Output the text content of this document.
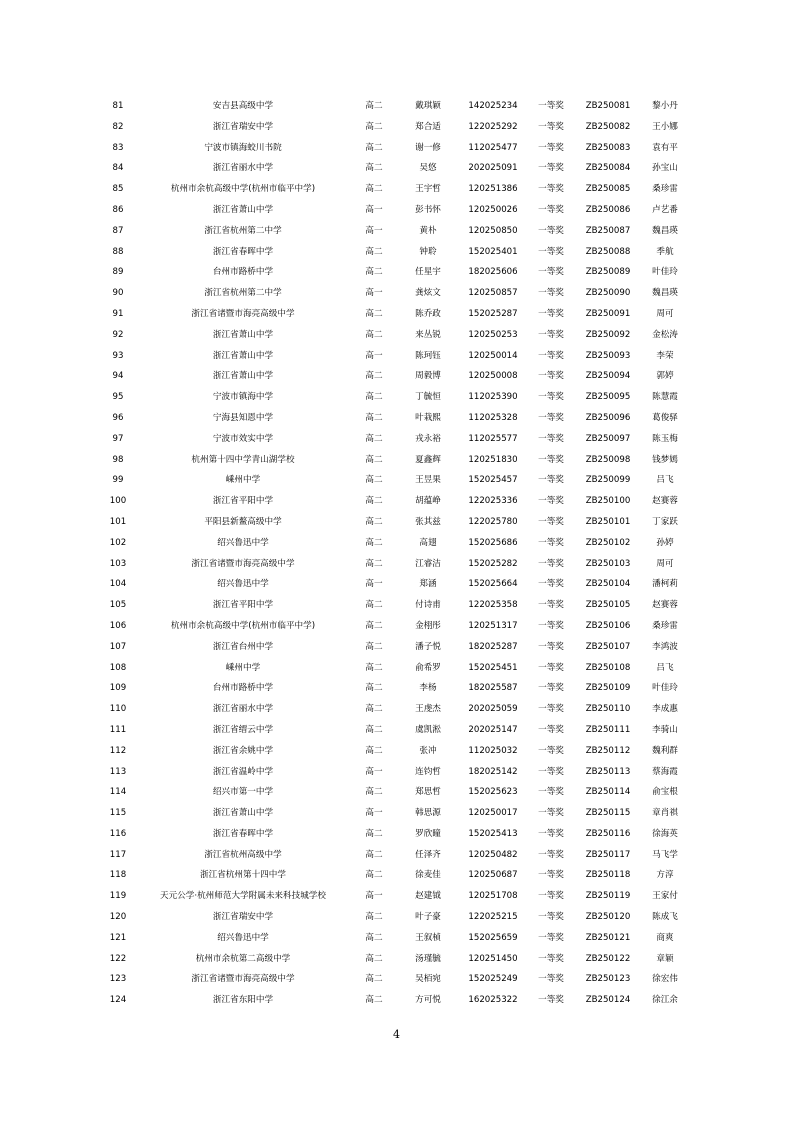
81	安吉县高级中学	高二	戴琪颖	142025234	一等奖	ZB250081	黎小丹
82	浙江省瑞安中学	高二	郑合适	122025292	一等奖	ZB250082	王小娜
83	宁波市镇海蛟川书院	高二	谢一修	112025477	一等奖	ZB250083	袁有平
84	浙江省丽水中学	高二	吴悠	202025091	一等奖	ZB250084	孙宝山
85	杭州市余杭高级中学(杭州市临平中学)	高二	王宇哲	120251386	一等奖	ZB250085	桑珍雷
86	浙江省萧山中学	高一	彭书怀	120250026	一等奖	ZB250086	卢艺番
87	浙江省杭州第二中学	高一	黄朴	120250850	一等奖	ZB250087	魏昌瑛
88	浙江省春晖中学	高二	钟聆	152025401	一等奖	ZB250088	季航
89	台州市路桥中学	高二	任星宇	182025606	一等奖	ZB250089	叶佳玲
90	浙江省杭州第二中学	高一	龚炫文	120250857	一等奖	ZB250090	魏昌瑛
91	浙江省诸暨市海亮高级中学	高二	陈乔政	152025287	一等奖	ZB250091	周可
92	浙江省萧山中学	高二	来丛锐	120250253	一等奖	ZB250092	金松涛
93	浙江省萧山中学	高一	陈珂钰	120250014	一等奖	ZB250093	李荣
94	浙江省萧山中学	高二	周毅博	120250008	一等奖	ZB250094	郭婷
95	宁波市镇海中学	高二	丁毓恒	112025390	一等奖	ZB250095	陈慧霞
96	宁海县知恩中学	高二	叶栽熙	112025328	一等奖	ZB250096	葛俊驿
97	宁波市效实中学	高二	戎永裕	112025577	一等奖	ZB250097	陈玉梅
98	杭州第十四中学青山湖学校	高二	夏鑫辉	120251830	一等奖	ZB250098	钱梦嫣
99	嵊州中学	高二	王昱果	152025457	一等奖	ZB250099	吕飞
100	浙江省平阳中学	高二	胡蕴峥	122025336	一等奖	ZB250100	赵赛蓉
101	平阳县新鳌高级中学	高二	张其兹	122025780	一等奖	ZB250101	丁家跃
102	绍兴鲁迅中学	高二	高翅	152025686	一等奖	ZB250102	孙婷
103	浙江省诸暨市海亮高级中学	高二	江睿洁	152025282	一等奖	ZB250103	周可
104	绍兴鲁迅中学	高一	郑涵	152025664	一等奖	ZB250104	潘柯莉
105	浙江省平阳中学	高二	付诗甫	122025358	一等奖	ZB250105	赵赛蓉
106	杭州市余杭高级中学(杭州市临平中学)	高二	金栩彤	120251317	一等奖	ZB250106	桑珍雷
107	浙江省台州中学	高二	潘子悦	182025287	一等奖	ZB250107	李鸿波
108	嵊州中学	高二	俞希罗	152025451	一等奖	ZB250108	吕飞
109	台州市路桥中学	高二	李杨	182025587	一等奖	ZB250109	叶佳玲
110	浙江省丽水中学	高二	王虔杰	202025059	一等奖	ZB250110	李成惠
111	浙江省缙云中学	高二	虞凯淞	202025147	一等奖	ZB250111	李骑山
112	浙江省余姚中学	高二	张冲	112025032	一等奖	ZB250112	魏利群
113	浙江省温岭中学	高一	连钧哲	182025142	一等奖	ZB250113	蔡海霞
114	绍兴市第一中学	高二	郑思哲	152025623	一等奖	ZB250114	俞宝根
115	浙江省萧山中学	高一	韩思源	120250017	一等奖	ZB250115	章肖祺
116	浙江省春晖中学	高二	罗欣曈	152025413	一等奖	ZB250116	徐海英
117	浙江省杭州高级中学	高二	任泽齐	120250482	一等奖	ZB250117	马飞学
118	浙江省杭州第十四中学	高二	徐麦佳	120250687	一等奖	ZB250118	方淳
119	天元公学·杭州师范大学附属未来科技城学校	高一	赵建钺	120251708	一等奖	ZB250119	王家付
120	浙江省瑞安中学	高二	叶子豪	122025215	一等奖	ZB250120	陈成飞
121	绍兴鲁迅中学	高二	王叙楨	152025659	一等奖	ZB250121	商爽
122	杭州市余杭第二高级中学	高二	汤瑾毓	120251450	一等奖	ZB250122	章颖
123	浙江省诸暨市海亮高级中学	高二	吴栢宛	152025249	一等奖	ZB250123	徐宏伟
124	浙江省东阳中学	高二	方可悦	162025322	一等奖	ZB250124	徐江余
4
